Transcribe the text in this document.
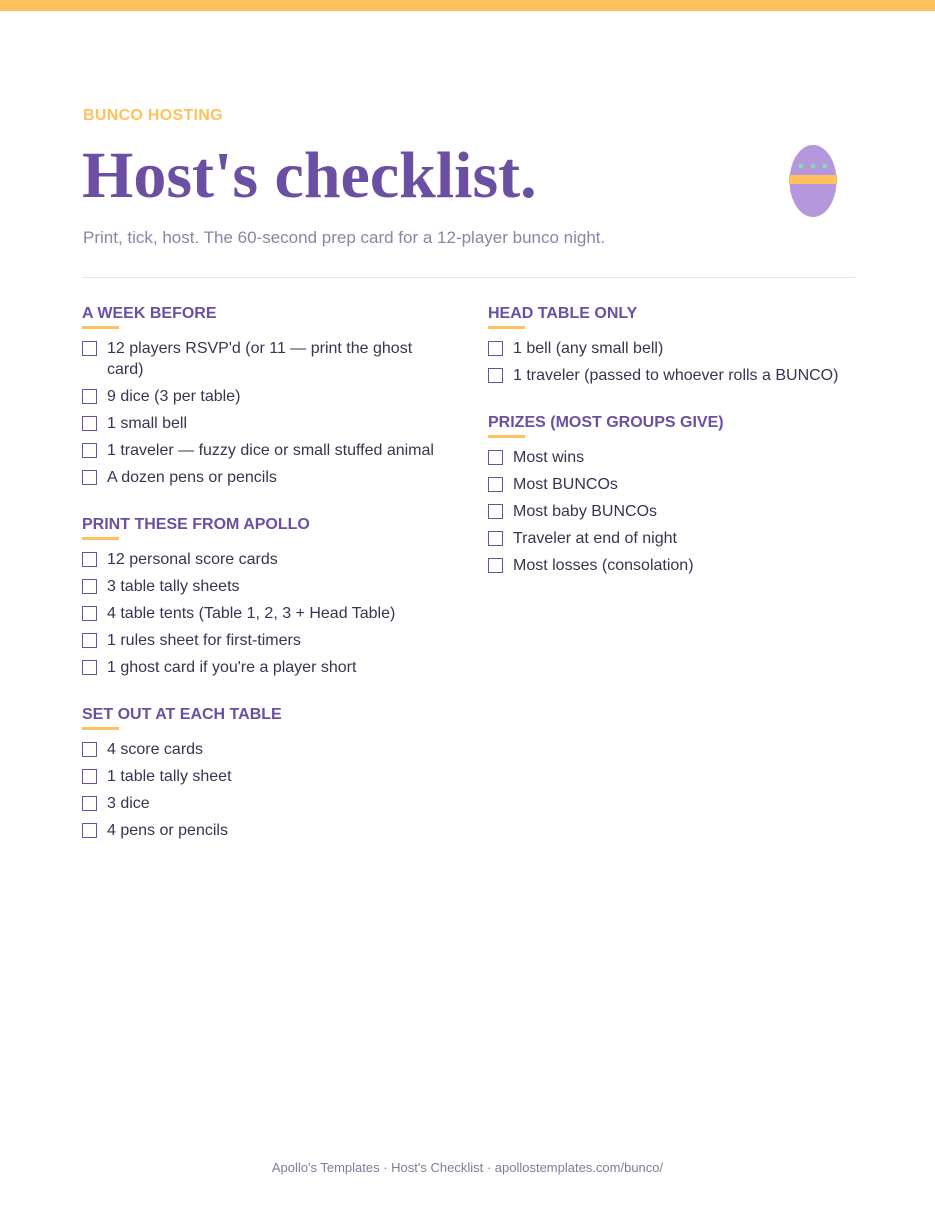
BUNCO HOSTING
Host's checklist.
Print, tick, host. The 60-second prep card for a 12-player bunco night.
A WEEK BEFORE
12 players RSVP'd (or 11 — print the ghost card)
9 dice (3 per table)
1 small bell
1 traveler — fuzzy dice or small stuffed animal
A dozen pens or pencils
PRINT THESE FROM APOLLO
12 personal score cards
3 table tally sheets
4 table tents (Table 1, 2, 3 + Head Table)
1 rules sheet for first-timers
1 ghost card if you're a player short
SET OUT AT EACH TABLE
4 score cards
1 table tally sheet
3 dice
4 pens or pencils
HEAD TABLE ONLY
1 bell (any small bell)
1 traveler (passed to whoever rolls a BUNCO)
PRIZES (MOST GROUPS GIVE)
Most wins
Most BUNCOs
Most baby BUNCOs
Traveler at end of night
Most losses (consolation)
Apollo's Templates · Host's Checklist · apollostemplates.com/bunco/
